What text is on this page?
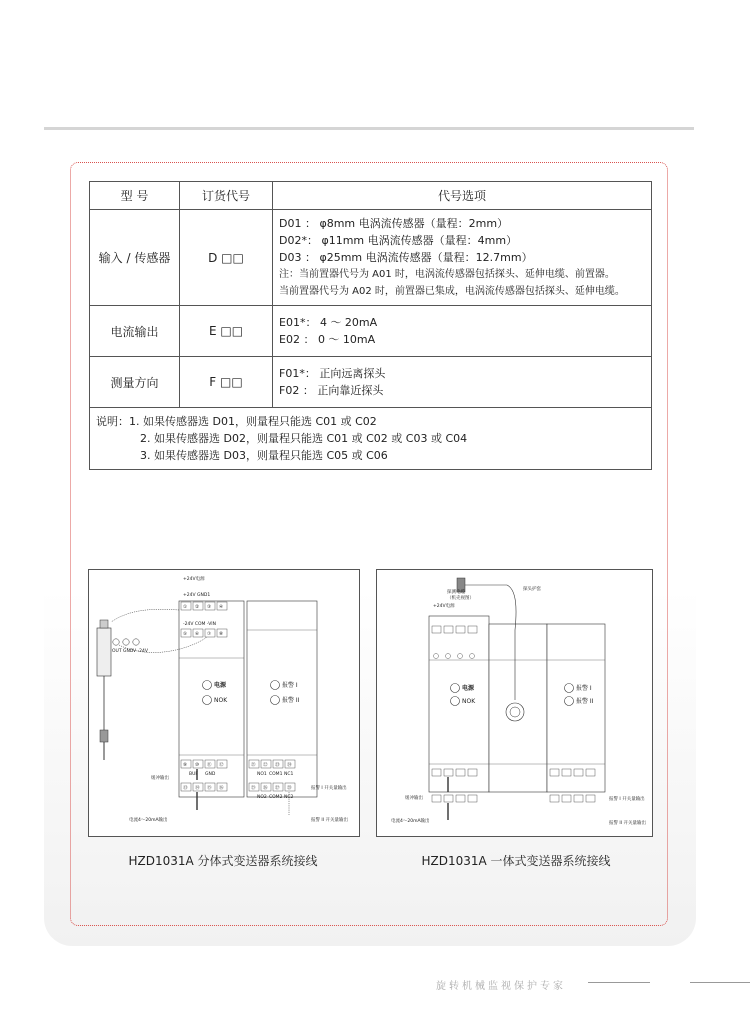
型 号	订货代号	代号选项
输入 / 传感器	D □□	D01 ： φ8mm 电涡流传感器（量程：2mm）
D02*： φ11mm 电涡流传感器（量程：4mm）
D03 ： φ25mm 电涡流传感器（量程：12.7mm）
注：当前置器代号为 A01 时，电涡流传感器包括探头、延伸电缆、前置器。
当前置器代号为 A02 时，前置器已集成，电涡流传感器包括探头、延伸电缆。

电流输出	E □□	E01*： 4 ～ 20mA
E02 ： 0 ～ 10mA

测量方向	F □□	F01*： 正向远离探头
F02 ： 正向靠近探头

说明：1. 如果传感器选 D01，则量程只能选 C01 或 C02
2. 如果传感器选 D02，则量程只能选 C01 或 C02 或 C03 或 C04
3. 如果传感器选 D03，则量程只能选 C05 或 C06		
+24V电源
+24V GND1
① ② ③ ④
-24V COM -VIN
⑤ ⑥ ⑦ ⑧
OUT GND V -24V
电源
NOK
报警 I
报警 II
⑨ ⑩ ⑪ ⑫
BUF GND
⑬ ⑭ ⑮ ⑯
㉑ ㉒ ㉓ ㉔
NO1 COM1 NC1
㉕ ㉖ ㉗ ㉘
NO2 COM2 NC2
缓冲输出
电流4～20mA输出
报警 I 开关量输出
报警 II 开关量输出
HZD1031A 分体式变送器系统接线
探测电缆
（机壳视图）
探头护套
+24V电源
电源
NOK
报警 I
报警 II
缓冲输出
电流4～20mA输出
报警 I 开关量输出
报警 II 开关量输出
HZD1031A 一体式变送器系统接线
旋转机械监视保护专家
